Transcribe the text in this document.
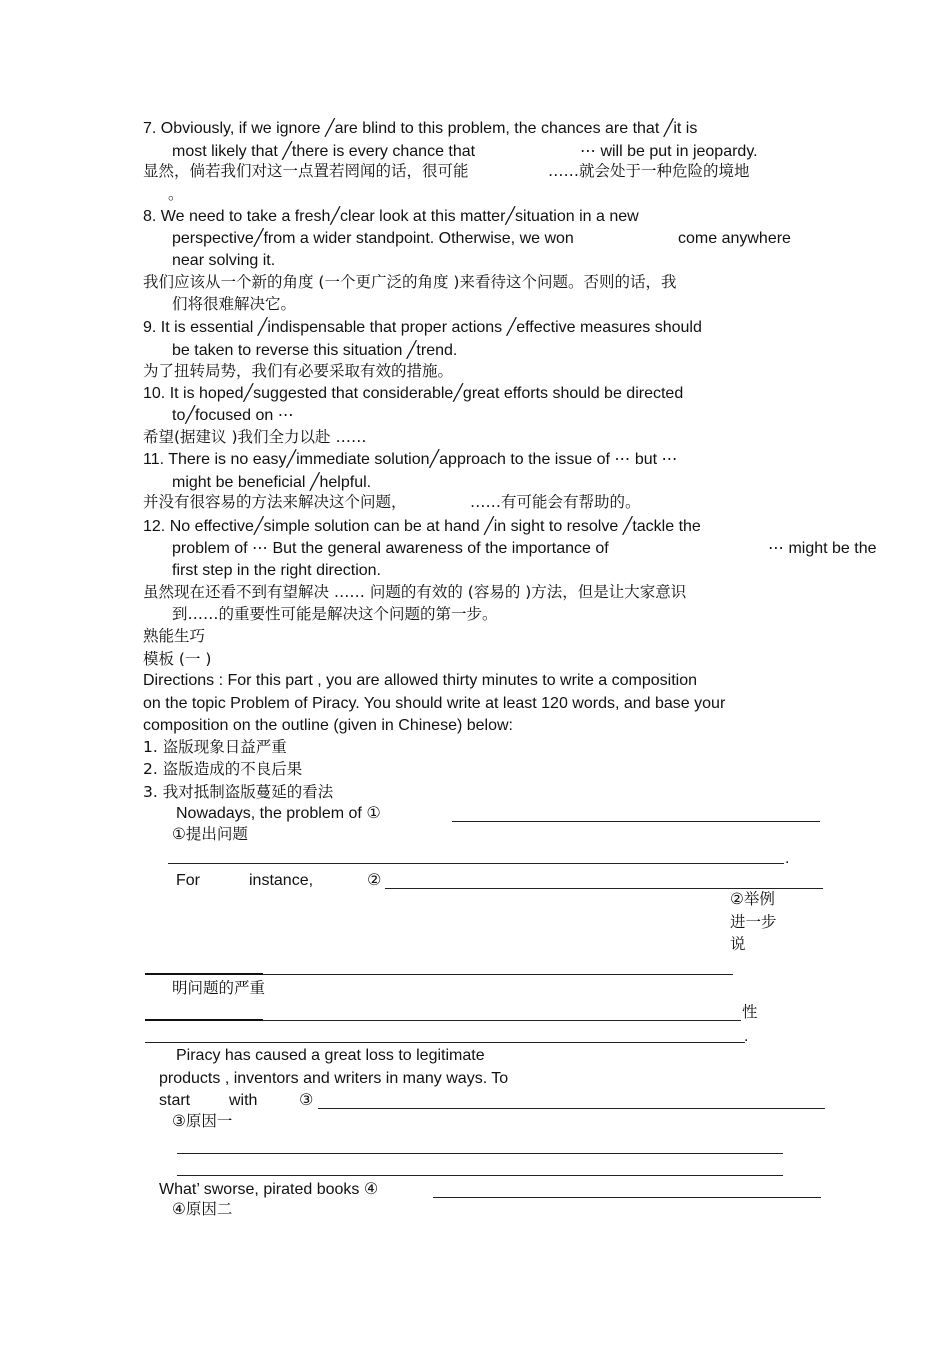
7. Obviously, if we ignore ╱are blind to this problem, the chances are that ╱it is
most likely that ╱there is every chance that	⋯ will be put in jeopardy.
显然，倘若我们对这一点置若罔闻的话，很可能	……就会处于一种危险的境地
。
8. We need to take a fresh╱clear look at this matter╱situation in a new
perspective╱from a wider standpoint. Otherwise, we won	come anywhere
near solving it.
我们应该从一个新的角度 (一个更广泛的角度 )来看待这个问题。否则的话，我
们将很难解决它。
9. It is essential ╱indispensable that proper actions ╱effective measures should
be taken to reverse this situation ╱trend.
为了扭转局势，我们有必要采取有效的措施。
10. It is hoped╱suggested that considerable╱great efforts should be directed
to╱focused on ⋯
希望(据建议 )我们全力以赴 ……
11. There is no easy╱immediate solution╱approach to the issue of ⋯ but ⋯
might be beneficial ╱helpful.
并没有很容易的方法来解决这个问题，	……有可能会有帮助的。
12. No effective╱simple solution can be at hand ╱in sight to resolve ╱tackle the
problem of ⋯ But the general awareness of the importance of	⋯ might be the
first step in the right direction.
虽然现在还看不到有望解决 …… 问题的有效的 (容易的 )方法，但是让大家意识
到……的重要性可能是解决这个问题的第一步。
熟能生巧
模板 (一 )
Directions : For this part , you are allowed thirty minutes to write a composition
on the topic Problem of Piracy. You should write at least 120 words, and base your
composition on the outline (given in Chinese) below:
1. 盗版现象日益严重
2. 盗版造成的不良后果
3. 我对抵制盗版蔓延的看法
Nowadays, the problem of ①
①提出问题
.
For	instance,	②
②举例
进一步
说
明问题的严重
性
.
Piracy has caused a great loss to legitimate
products , inventors and writers in many ways. To
start with	③
③原因一
What’ sworse, pirated books ④
④原因二
